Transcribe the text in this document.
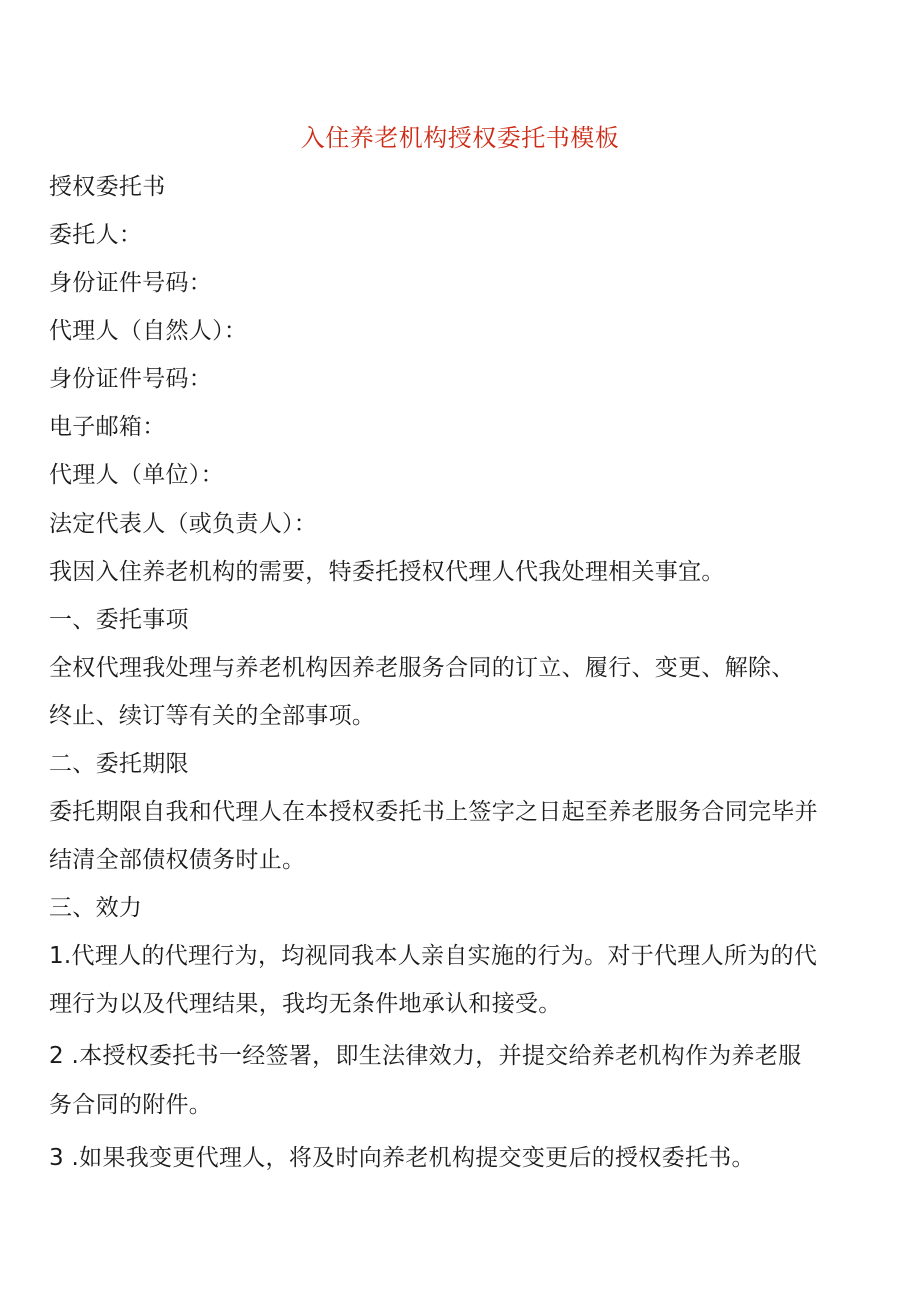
入住养老机构授权委托书模板
授权委托书
委托人：
身份证件号码：
代理人（自然人）：
身份证件号码：
电子邮箱：
代理人（单位）：
法定代表人（或负责人）：
我因入住养老机构的需要，特委托授权代理人代我处理相关事宜。
一、委托事项
全权代理我处理与养老机构因养老服务合同的订立、履行、变更、解除、
终止、续订等有关的全部事项。
二、委托期限
委托期限自我和代理人在本授权委托书上签字之日起至养老服务合同完毕并
结清全部债权债务时止。
三、效力
1.代理人的代理行为，均视同我本人亲自实施的行为。对于代理人所为的代
理行为以及代理结果，我均无条件地承认和接受。
2 .本授权委托书一经签署，即生法律效力，并提交给养老机构作为养老服
务合同的附件。
3 .如果我变更代理人，将及时向养老机构提交变更后的授权委托书。
